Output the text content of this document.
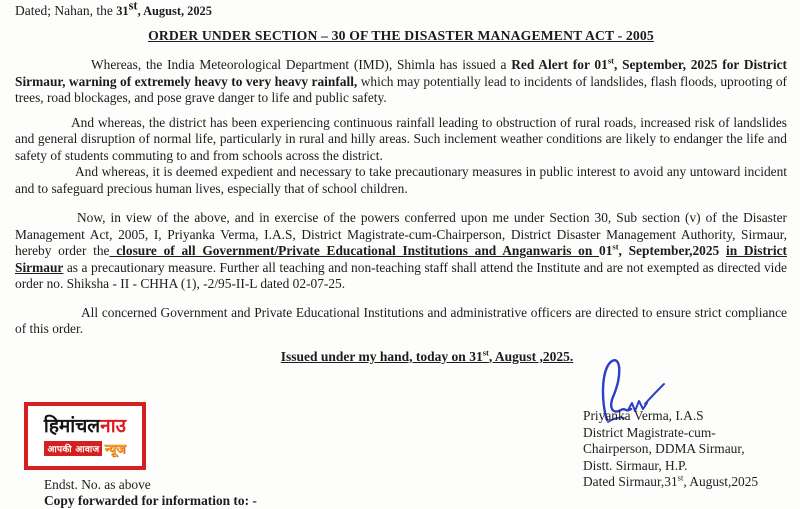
Dated; Nahan, the 31st, August, 2025
ORDER UNDER SECTION – 30 OF THE DISASTER MANAGEMENT ACT - 2005

Whereas, the India Meteorological Department (IMD), Shimla has issued a Red Alert for 01st, September, 2025 for District Sirmaur, warning of extremely heavy to very heavy rainfall, which may potentially lead to incidents of landslides, flash floods, uprooting of trees, road blockages, and pose grave danger to life and public safety.

And whereas, the district has been experiencing continuous rainfall leading to obstruction of rural roads, increased risk of landslides and general disruption of normal life, particularly in rural and hilly areas. Such inclement weather conditions are likely to endanger the life and safety of students commuting to and from schools across the district.

And whereas, it is deemed expedient and necessary to take precautionary measures in public interest to avoid any untoward incident and to safeguard precious human lives, especially that of school children.

Now, in view of the above, and in exercise of the powers conferred upon me under Section 30, Sub section (v) of the Disaster Management Act, 2005, I, Priyanka Verma, I.A.S, District Magistrate-cum-Chairperson, District Disaster Management Authority, Sirmaur, hereby order the closure of all Government/Private Educational Institutions and Anganwaris on 01st, September,2025 in District Sirmaur as a precautionary measure. Further all teaching and non-teaching staff shall attend the Institute and are not exempted as directed vide order no. Shiksha - II - CHHA (1), -2/95-II-L dated 02-07-25.

All concerned Government and Private Educational Institutions and administrative officers are directed to ensure strict compliance of this order.

Issued under my hand, today on 31st, August ,2025.

Priyanka Verma, I.A.S
District Magistrate-cum-
Chairperson, DDMA Sirmaur,
Distt. Sirmaur, H.P.
Dated Sirmaur,31st, August,2025
हिमांचलनाउ
आपकी आवाज न्यूज
Endst. No. as above
Copy forwarded for information to: -
